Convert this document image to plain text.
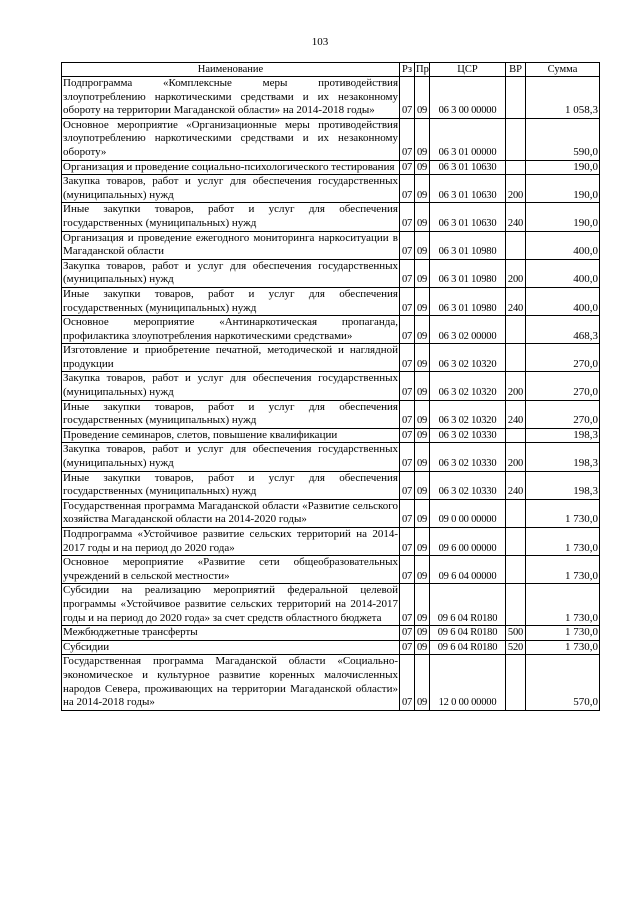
103
Наименование	Рз	Пр	ЦСР	ВР	Сумма
Подпрограмма «Комплексные меры противодействия злоупотреблению наркотическими средствами и их незаконному обороту на территории Магаданской области» на 2014-2018 годы»	07	09	06 3 00 00000		1 058,3
Основное мероприятие «Организационные меры противодействия злоупотреблению наркотическими средствами и их незаконному обороту»	07	09	06 3 01 00000		590,0
Организация и проведение социально-психологического тестирования	07	09	06 3 01 10630		190,0
Закупка товаров, работ и услуг для обеспечения государственных (муниципальных) нужд	07	09	06 3 01 10630	200	190,0
Иные закупки товаров, работ и услуг для обеспечения государственных (муниципальных) нужд	07	09	06 3 01 10630	240	190,0
Организация и проведение ежегодного мониторинга наркоситуации в Магаданской области	07	09	06 3 01 10980		400,0
Закупка товаров, работ и услуг для обеспечения государственных (муниципальных) нужд	07	09	06 3 01 10980	200	400,0
Иные закупки товаров, работ и услуг для обеспечения государственных (муниципальных) нужд	07	09	06 3 01 10980	240	400,0
Основное мероприятие «Антинаркотическая пропаганда, профилактика злоупотребления наркотическими средствами»	07	09	06 3 02 00000		468,3
Изготовление и приобретение печатной, методической и наглядной продукции	07	09	06 3 02 10320		270,0
Закупка товаров, работ и услуг для обеспечения государственных (муниципальных) нужд	07	09	06 3 02 10320	200	270,0
Иные закупки товаров, работ и услуг для обеспечения государственных (муниципальных) нужд	07	09	06 3 02 10320	240	270,0
Проведение семинаров, слетов, повышение квалификации	07	09	06 3 02 10330		198,3
Закупка товаров, работ и услуг для обеспечения государственных (муниципальных) нужд	07	09	06 3 02 10330	200	198,3
Иные закупки товаров, работ и услуг для обеспечения государственных (муниципальных) нужд	07	09	06 3 02 10330	240	198,3
Государственная программа Магаданской области «Развитие сельского хозяйства Магаданской области на 2014-2020 годы»	07	09	09 0 00 00000		1 730,0
Подпрограмма «Устойчивое развитие сельских территорий на 2014-2017 годы и на период до 2020 года»	07	09	09 6 00 00000		1 730,0
Основное мероприятие «Развитие сети общеобразовательных учреждений в сельской местности»	07	09	09 6 04 00000		1 730,0
Субсидии на реализацию мероприятий федеральной целевой программы «Устойчивое развитие сельских территорий на 2014-2017 годы и на период до 2020 года» за счет средств областного бюджета	07	09	09 6 04 R0180		1 730,0
Межбюджетные трансферты	07	09	09 6 04 R0180	500	1 730,0
Субсидии	07	09	09 6 04 R0180	520	1 730,0
Государственная программа Магаданской области «Социально-экономическое и культурное развитие коренных малочисленных народов Севера, проживающих на территории Магаданской области» на 2014-2018 годы»	07	09	12 0 00 00000		570,0
